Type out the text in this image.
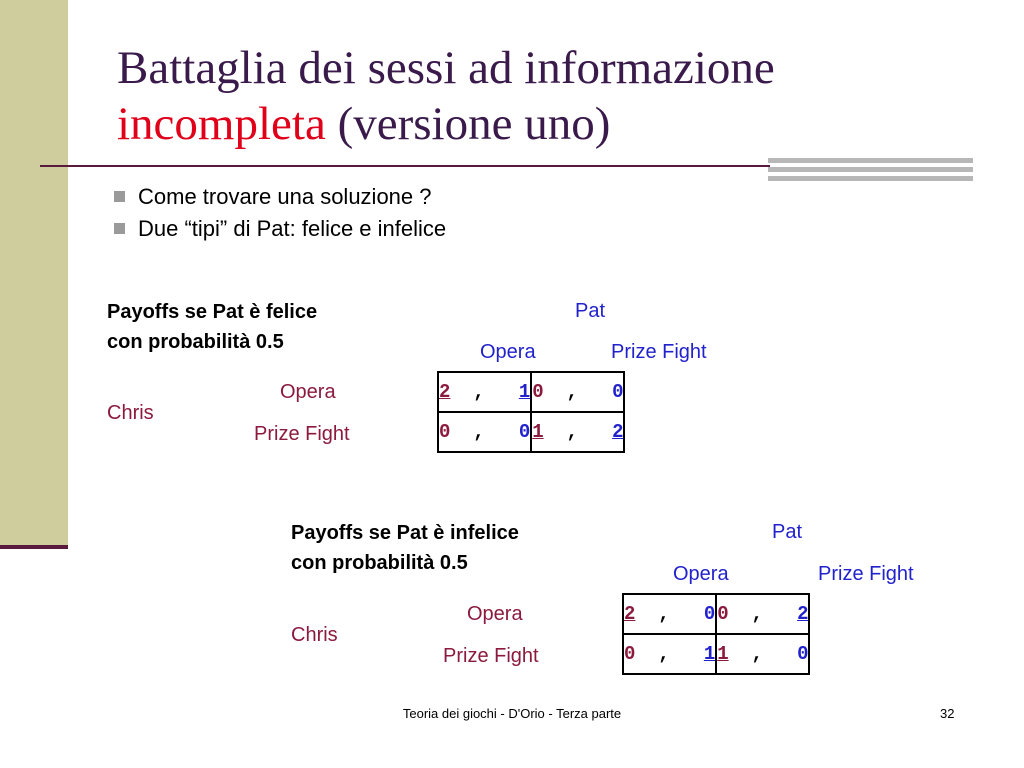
Battaglia dei sessi ad informazione
incompleta (versione uno)
Come trovare una soluzione ?
Due “tipi” di Pat: felice e infelice
Payoffs se Pat è felice
con probabilità 0.5
Pat
Opera	Prize Fight
Chris
Opera
Prize Fight
2  ,   1	0  ,   0
0  ,   0	1  ,   2
Payoffs se Pat è infelice
con probabilità 0.5
Pat
Opera	Prize Fight
Chris
Opera
Prize Fight
2  ,   0	0  ,   2
0  ,   1	1  ,   0
Teoria dei giochi - D'Orio - Terza parte	32
